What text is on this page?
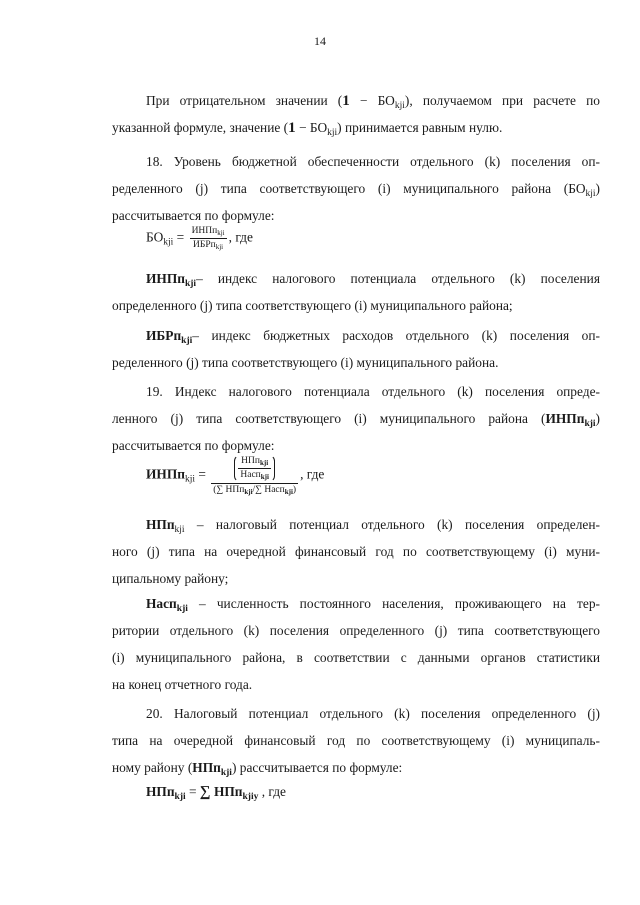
14
При отрицательном значении $(1 - БО_{kji})$, получаемом при расчете по
указанной формуле, значение $(1 - БО_{kji})$ принимается равным нулю.
18. Уровень бюджетной обеспеченности отдельного (k) поселения оп-
ределенного (j) типа соответствующего (i) муниципального района $(БО_{kji})$
рассчитывается по формуле:
$БО_{kji} = \frac{ИНПп_{kji}}{ИБРп_{kji}}$ , где
ИНПп$_{kji}$– индекс налогового потенциала отдельного (k) поселения
определенного (j) типа соответствующего (i) муниципального района;
ИБРп$_{kji}$– индекс бюджетных расходов отдельного (k) поселения оп-
ределенного (j) типа соответствующего (i) муниципального района.
19. Индекс налогового потенциала отдельного (k) поселения опреде-
ленного (j) типа соответствующего (i) муниципального района (ИНПп$_{kji}$)
рассчитывается по формуле:
ИНПп$_{kji}$ = $\frac{\frac{НПп_{kji}}{Насп_{kji}}}{(\sum НПп_{kji}/\sum Насп_{kji})}$ , где
НПп$_{kji}$ – налоговый потенциал отдельного (k) поселения определен-
ного (j) типа на очередной финансовый год по соответствующему (i) муни-
ципальному району;
Насп$_{kji}$ – численность постоянного населения, проживающего на тер-
ритории отдельного (k) поселения определенного (j) типа соответствующего
(i) муниципального района, в соответствии с данными органов статистики
на конец отчетного года.
20. Налоговый потенциал отдельного (k) поселения определенного (j)
типа на очередной финансовый год по соответствующему (i) муниципаль-
ному району (НПп$_{kji}$) рассчитывается по формуле:
НПп$_{kji}$ = ∑ НПп$_{kjiy}$ , где
